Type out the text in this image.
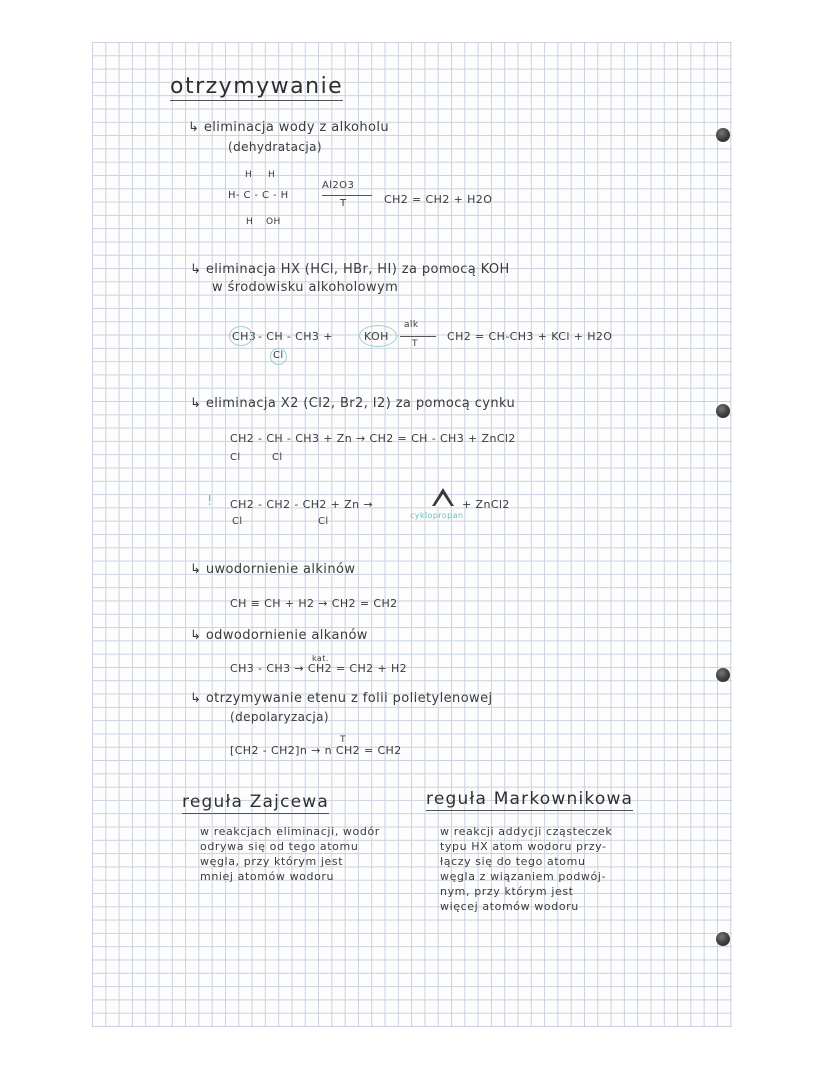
otrzymywanie
↳ eliminacja wody z alkoholu
(dehydratacja)
H H
H- C - C - H
H OH
Al2O3
T	CH2 = CH2 + H2O
↳ eliminacja HX (HCl, HBr, HI) za pomocą KOH
w środowisku alkoholowym
CH3 - CH - CH3 +	KOH
Cl
alk
T
CH2 = CH-CH3 + KCl + H2O
↳ eliminacja X2 (Cl2, Br2, I2) za pomocą cynku
CH2 - CH - CH3 + Zn → CH2 = CH - CH3 + ZnCl2
Cl	Cl
! CH2 - CH2 - CH2 + Zn →	+ ZnCl2
cyklopropan
Cl	Cl
↳ uwodornienie alkinów
CH ≡ CH + H2 → CH2 = CH2
↳ odwodornienie alkanów
kat.
CH3 - CH3 → CH2 = CH2 + H2
↳ otrzymywanie etenu z folii polietylenowej
(depolaryzacja)
T
[CH2 - CH2]n → n CH2 = CH2
reguła Zajcewa	reguła Markownikowa
w reakcjach eliminacji, wodór
odrywa się od tego atomu
węgla, przy którym jest
mniej atomów wodoru
w reakcji addycji cząsteczek
typu HX atom wodoru przy-
łączy się do tego atomu
węgla z wiązaniem podwój-
nym, przy którym jest
więcej atomów wodoru
